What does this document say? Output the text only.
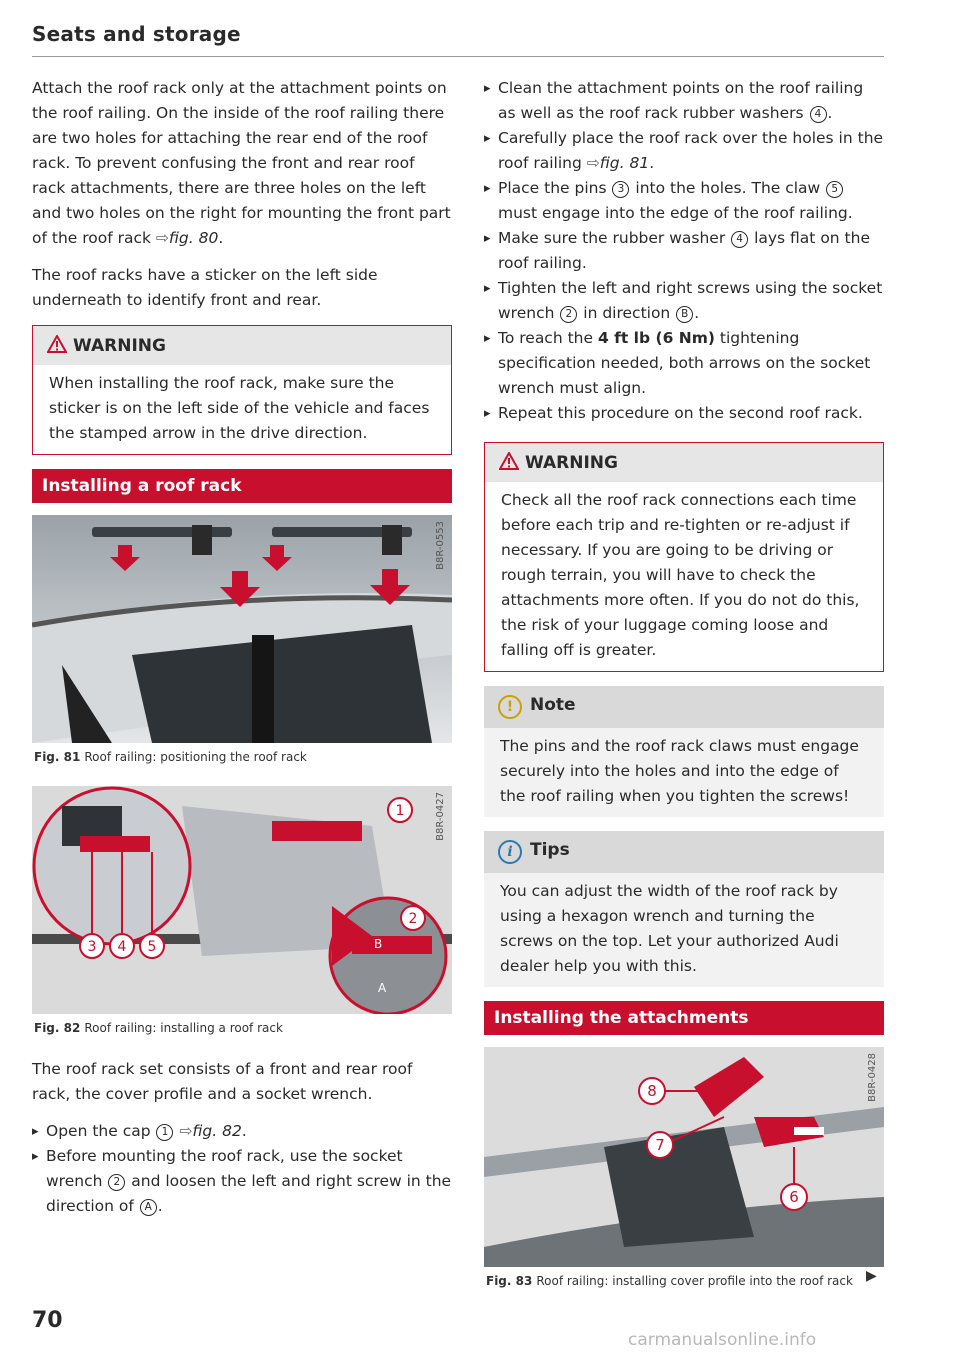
Seats and storage

Attach the roof rack only at the attachment points on the roof railing. On the inside of the roof railing there are two holes for attaching the rear end of the roof rack. To prevent confusing the front and rear roof rack attachments, there are three holes on the left and two holes on the right for mounting the front part of the roof rack ⇨fig. 80.

The roof racks have a sticker on the left side underneath to identify front and rear.

WARNING
When installing the roof rack, make sure the sticker is on the left side of the vehicle and faces the stamped arrow in the drive direction.
Installing a roof rack
B8R-0553
Fig. 81 Roof railing: positioning the roof rack
1
2
3 4 5	B
A
B8R-0427
Fig. 82 Roof railing: installing a roof rack

The roof rack set consists of a front and rear roof rack, the cover profile and a socket wrench.

▸ Open the cap 1 ⇨fig. 82.
▸ Before mounting the roof rack, use the socket wrench 2 and loosen the left and right screw in the direction of A .
▸ Clean the attachment points on the roof railing as well as the roof rack rubber washers 4 .
▸ Carefully place the roof rack over the holes in the roof railing ⇨fig. 81.
▸ Place the pins 3 into the holes. The claw 5 must engage into the edge of the roof railing.
▸ Make sure the rubber washer 4 lays flat on the roof railing.
▸ Tighten the left and right screws using the socket wrench 2 in direction B .
▸ To reach the 4 ft lb (6 Nm) tightening specification needed, both arrows on the socket wrench must align.
▸ Repeat this procedure on the second roof rack.
WARNING
Check all the roof rack connections each time before each trip and re-tighten or re-adjust if necessary. If you are going to be driving or rough terrain, you will have to check the attachments more often. If you do not do this, the risk of your luggage coming loose and falling off is greater.
! Note
The pins and the roof rack claws must engage securely into the holes and into the edge of the roof railing when you tighten the screws!
i Tips
You can adjust the width of the roof rack by using a hexagon wrench and turning the screws on the top. Let your authorized Audi dealer help you with this.
Installing the attachments
8
7
6
B8R-0428
Fig. 83 Roof railing: installing cover profile into the roof rack ▶
70
carmanualsonline.info
